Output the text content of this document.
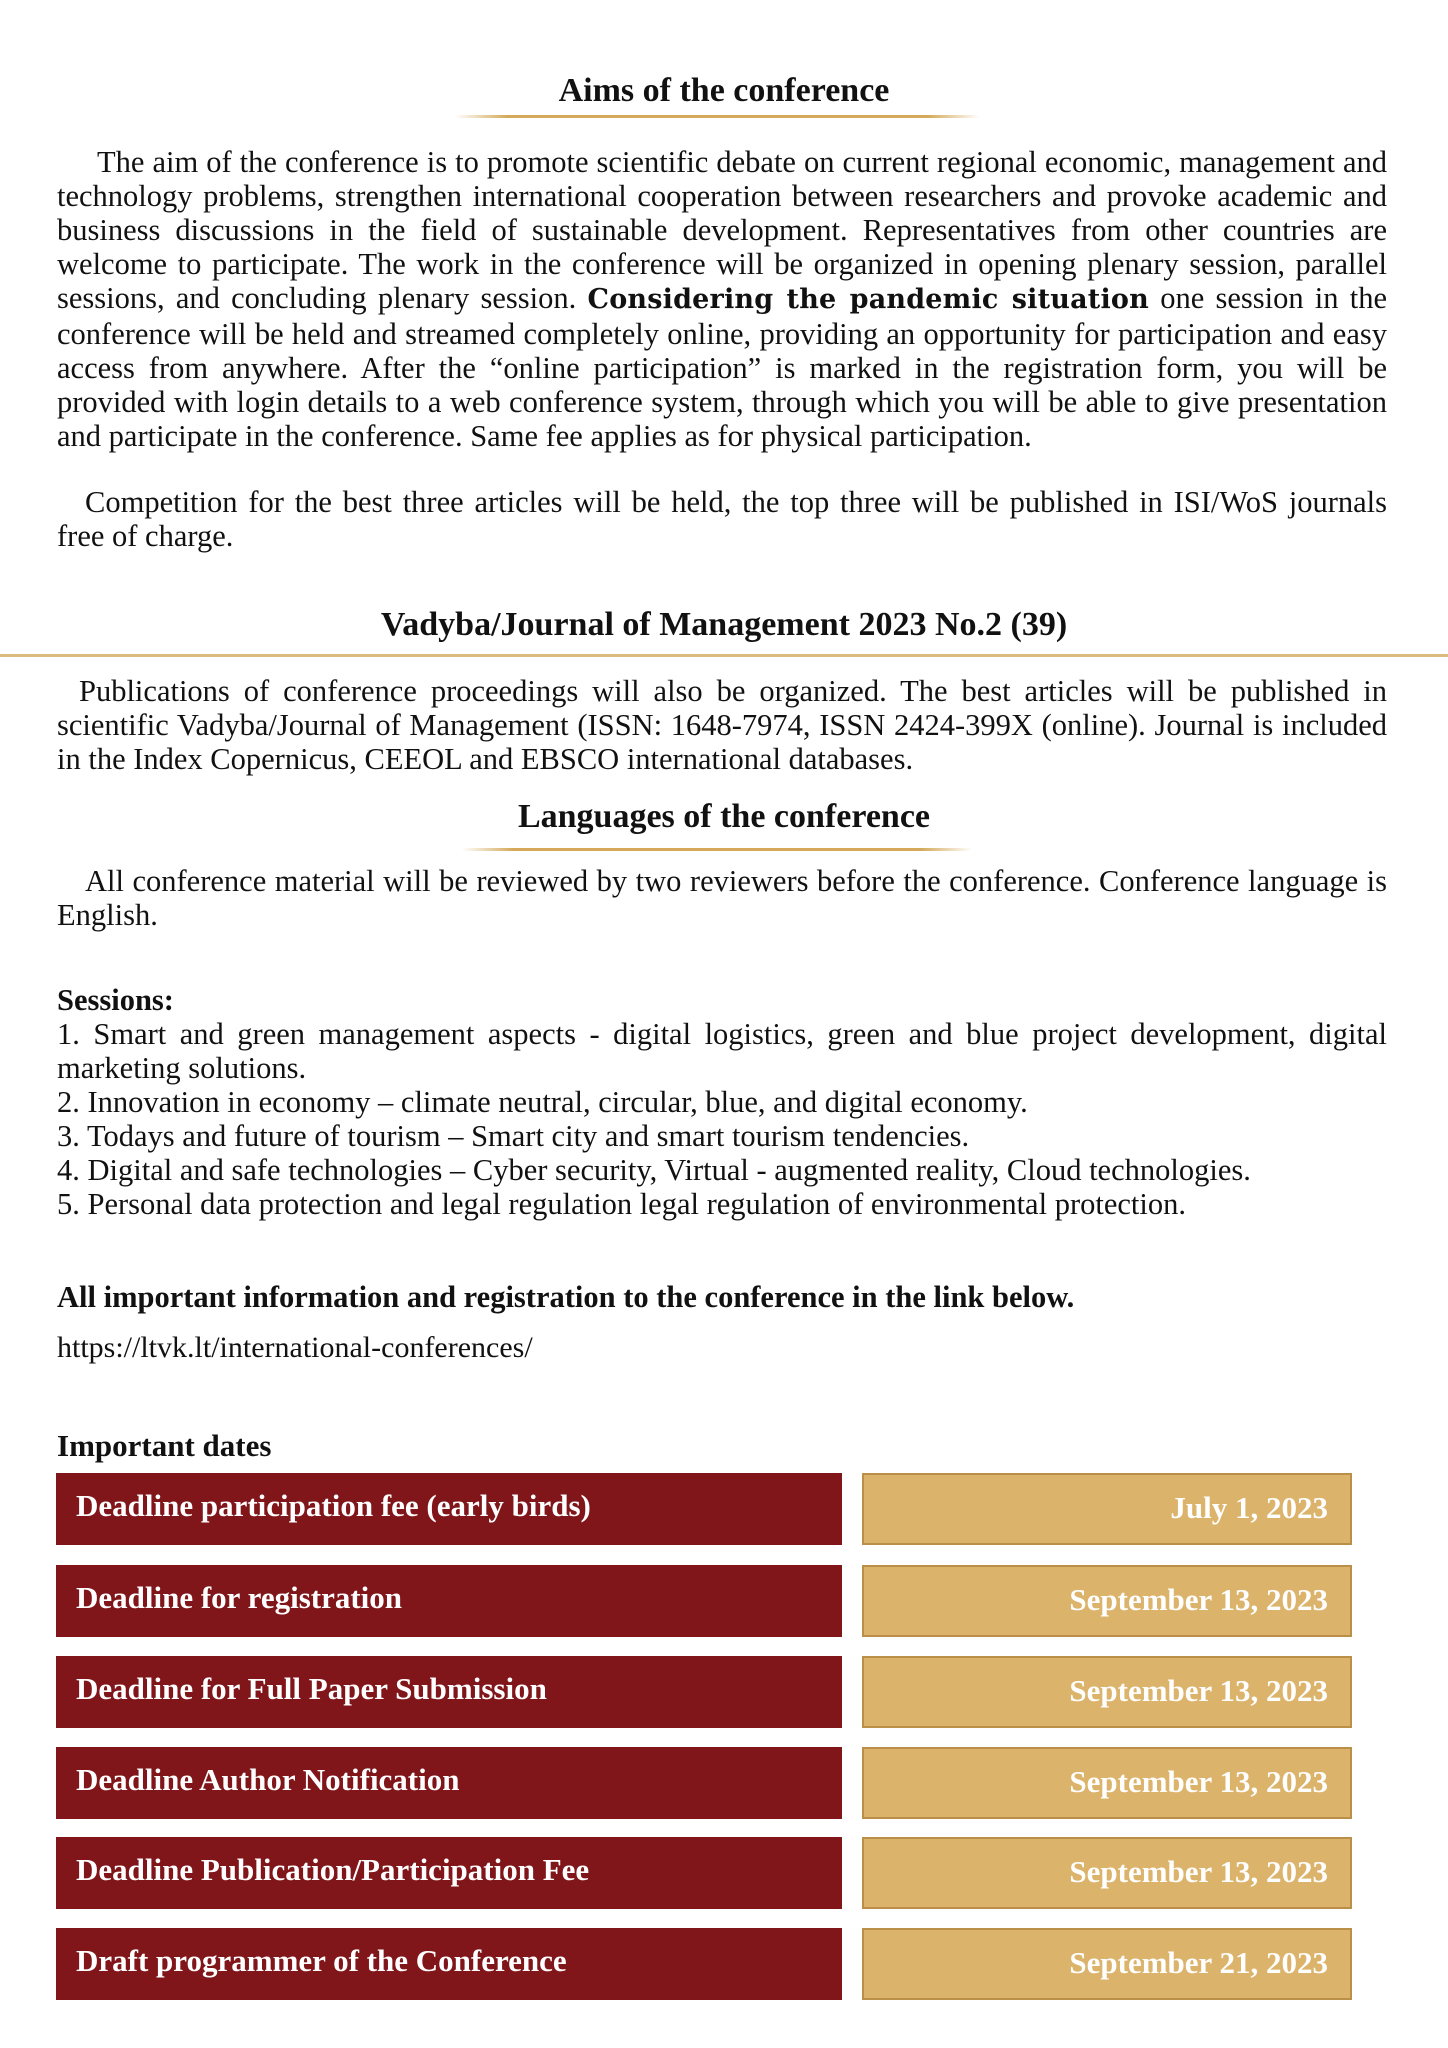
Aims of the conference

The aim of the conference is to promote scientific debate on current regional economic, management and technology problems, strengthen international cooperation between researchers and provoke academic and business discussions in the field of sustainable development. Representatives from other countries are welcome to participate. The work in the conference will be organized in opening plenary session, parallel sessions, and concluding plenary session. Considering the pandemic situation one session in the conference will be held and streamed completely online, providing an opportunity for participation and easy access from anywhere. After the “online participation” is marked in the registration form, you will be provided with login details to a web conference system, through which you will be able to give presentation and participate in the conference. Same fee applies as for physical participation.

Competition for the best three articles will be held, the top three will be published in ISI/WoS journals free of charge.

Vadyba/Journal of Management 2023 No.2 (39)

Publications of conference proceedings will also be organized. The best articles will be published in scientific Vadyba/Journal of Management (ISSN: 1648-7974, ISSN 2424-399X (online). Journal is included in the Index Copernicus, CEEOL and EBSCO international databases.

Languages of the conference

All conference material will be reviewed by two reviewers before the conference. Conference language is English.

Sessions:
1. Smart and green management aspects - digital logistics, green and blue project development, digital marketing solutions.
2. Innovation in economy – climate neutral, circular, blue, and digital economy.
3. Todays and future of tourism – Smart city and smart tourism tendencies.
4. Digital and safe technologies – Cyber security, Virtual - augmented reality, Cloud technologies.
5. Personal data protection and legal regulation legal regulation of environmental protection.
All important information and registration to the conference in the link below.
https://ltvk.lt/international-conferences/
Important dates
Deadline participation fee (early birds)	July 1, 2023
Deadline for registration	September 13, 2023
Deadline for Full Paper Submission	September 13, 2023
Deadline Author Notification	September 13, 2023
Deadline Publication/Participation Fee	September 13, 2023
Draft programmer of the Conference	September 21, 2023
